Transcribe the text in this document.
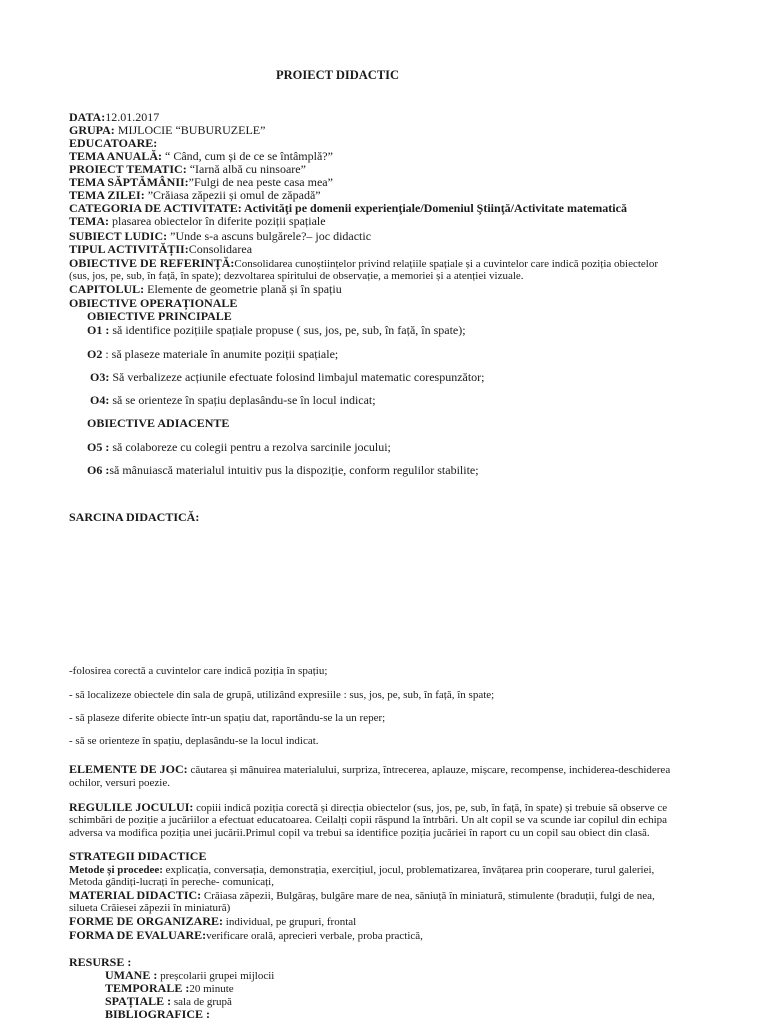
PROIECT DIDACTIC
DATA:12.01.2017
GRUPA: MIJLOCIE “BUBURUZELE”
EDUCATOARE:
TEMA ANUALĂ: “ Când, cum și de ce se întâmplă?”
PROIECT TEMATIC: “Iarnă albă cu ninsoare”
TEMA SĂPTĂMÂNII:”Fulgi de nea peste casa mea”
TEMA ZILEI: ”Crăiasa zăpezii și omul de zăpadă”
CATEGORIA DE ACTIVITATE: Activităţi pe domenii experienţiale/Domeniul Ştiinţă/Activitate matematică
TEMA: plasarea obiectelor în diferite poziții spațiale
SUBIECT LUDIC: ”Unde s-a ascuns bulgărele?– joc didactic
TIPUL ACTIVITĂȚII:Consolidarea
OBIECTIVE DE REFERINȚĂ:Consolidarea cunoștiințelor privind relațiile spațiale și a cuvintelor care indică poziția obiectelor
(sus, jos, pe, sub, în față, în spate); dezvoltarea spiritului de observație, a memoriei și a atenției vizuale.
CAPITOLUL: Elemente de geometrie plană și în spațiu
OBIECTIVE OPERAȚIONALE
OBIECTIVE PRINCIPALE
O1 : să identifice pozițiile spațiale propuse ( sus, jos, pe, sub, în față, în spate);
O2 : să plaseze materiale în anumite poziții spațiale;
O3: Să verbalizeze acțiunile efectuate folosind limbajul matematic corespunzător;
O4: să se orienteze în spațiu deplasându-se în locul indicat;
OBIECTIVE ADIACENTE
O5 : să colaboreze cu colegii pentru a rezolva sarcinile jocului;
O6 :să mânuiască materialul intuitiv pus la dispoziție, conform regulilor stabilite;
SARCINA DIDACTICĂ:
-folosirea corectă a cuvintelor care indică poziția în spațiu;
- să localizeze obiectele din sala de grupă, utilizând expresiile : sus, jos, pe, sub, în față, în spate;
- să plaseze diferite obiecte într-un spațiu dat, raportându-se la un reper;
- să se orienteze în spațiu, deplasându-se la locul indicat.
ELEMENTE DE JOC: căutarea și mânuirea materialului, surpriza, întrecerea, aplauze, mișcare, recompense, inchiderea-deschiderea
ochilor, versuri poezie.
REGULILE JOCULUI: copiii indică poziția corectă și direcția obiectelor (sus, jos, pe, sub, în față, în spate) și trebuie să observe ce
schimbări de poziție a jucăriilor a efectuat educatoarea. Ceilalți copii răspund la întrbări. Un alt copil se va scunde iar copilul din echipa
adversa va modifica poziția unei jucării.Primul copil va trebui sa identifice poziția jucăriei în raport cu un copil sau obiect din clasă.
STRATEGII DIDACTICE
Metode și procedee: explicația, conversația, demonstrația, exercițiul, jocul, problematizarea, învățarea prin cooperare, turul galeriei,
Metoda gândiți-lucrați în pereche- comunicați,
MATERIAL DIDACTIC: Crăiasa zăpezii, Bulgăraș, bulgăre mare de nea, săniuță în miniatură, stimulente (braduții, fulgi de nea,
silueta Crăiesei zăpezii în miniatură)
FORME DE ORGANIZARE: individual, pe grupuri, frontal
FORMA DE EVALUARE:verificare orală, aprecieri verbale, proba practică,
RESURSE :
UMANE : preșcolarii grupei mijlocii
TEMPORALE :20 minute
SPAȚIALE : sala de grupă
BIBLIOGRAFICE :
